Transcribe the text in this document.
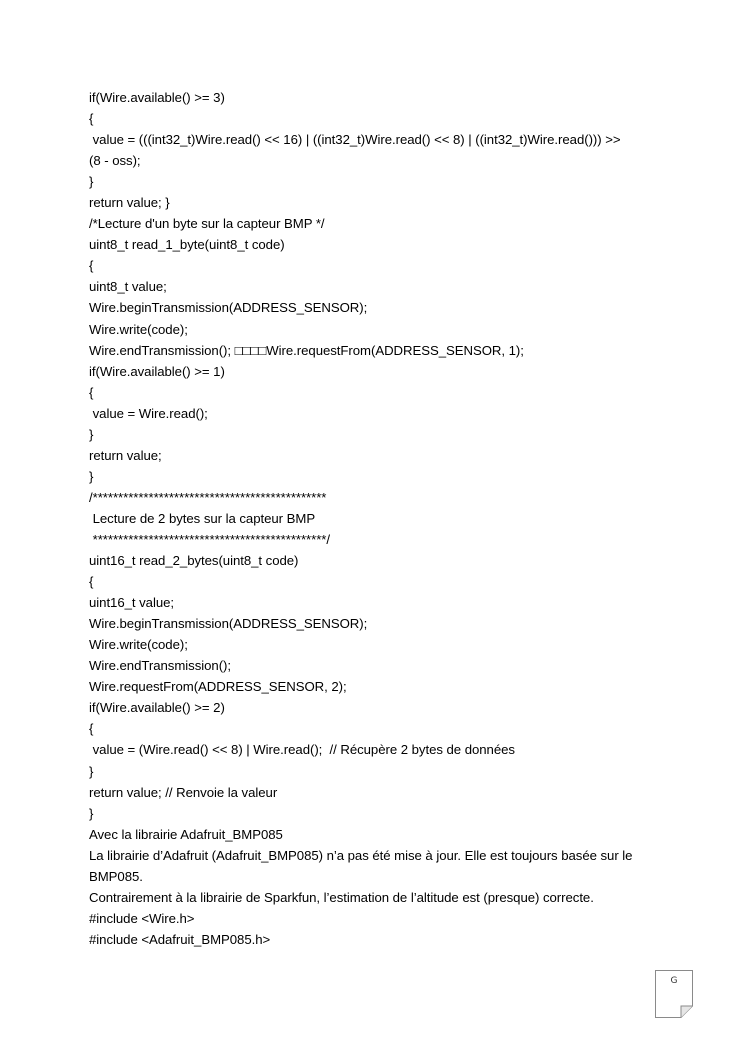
if(Wire.available() >= 3)
{
value = (((int32_t)Wire.read() << 16) | ((int32_t)Wire.read() << 8) | ((int32_t)Wire.read())) >>
(8 - oss);
}
return value; }
/*Lecture d'un byte sur la capteur BMP */
uint8_t read_1_byte(uint8_t code)
{
uint8_t value;
Wire.beginTransmission(ADDRESS_SENSOR);
Wire.write(code);
Wire.endTransmission(); □□□□Wire.requestFrom(ADDRESS_SENSOR, 1);
if(Wire.available() >= 1)
{
value = Wire.read();
}
return value;
}
/**********************************************
Lecture de 2 bytes sur la capteur BMP
**********************************************/
uint16_t read_2_bytes(uint8_t code)
{
uint16_t value;
Wire.beginTransmission(ADDRESS_SENSOR);
Wire.write(code);
Wire.endTransmission();
Wire.requestFrom(ADDRESS_SENSOR, 2);
if(Wire.available() >= 2)
{
value = (Wire.read() << 8) | Wire.read();  // Récupère 2 bytes de données
}
return value; // Renvoie la valeur
}
Avec la librairie Adafruit_BMP085
La librairie d’Adafruit (Adafruit_BMP085) n’a pas été mise à jour. Elle est toujours basée sur le
BMP085.
Contrairement à la librairie de Sparkfun, l’estimation de l’altitude est (presque) correcte.
#include <Wire.h>
#include <Adafruit_BMP085.h>
G
